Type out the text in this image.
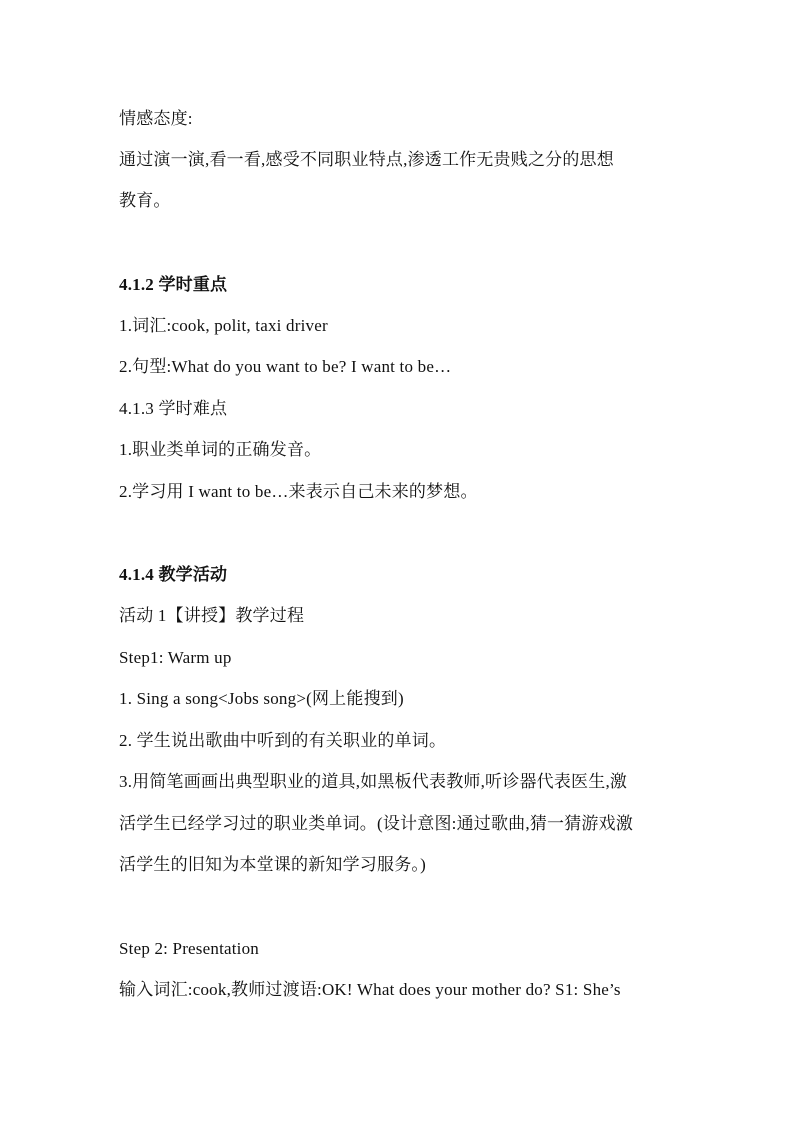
情感态度:
通过演一演,看一看,感受不同职业特点,渗透工作无贵贱之分的思想
教育。
4.1.2 学时重点
1.词汇:cook, polit, taxi driver
2.句型:What do you want to be? I want to be…
4.1.3 学时难点
1.职业类单词的正确发音。
2.学习用 I want to be…来表示自己未来的梦想。
4.1.4 教学活动
活动 1【讲授】教学过程
Step1: Warm up
1. Sing a song<Jobs song>(网上能搜到)
2. 学生说出歌曲中听到的有关职业的单词。
3.用简笔画画出典型职业的道具,如黑板代表教师,听诊器代表医生,激
活学生已经学习过的职业类单词。(设计意图:通过歌曲,猜一猜游戏激
活学生的旧知为本堂课的新知学习服务。)
Step 2: Presentation
输入词汇:cook,教师过渡语:OK! What does your mother do? S1: She’s
